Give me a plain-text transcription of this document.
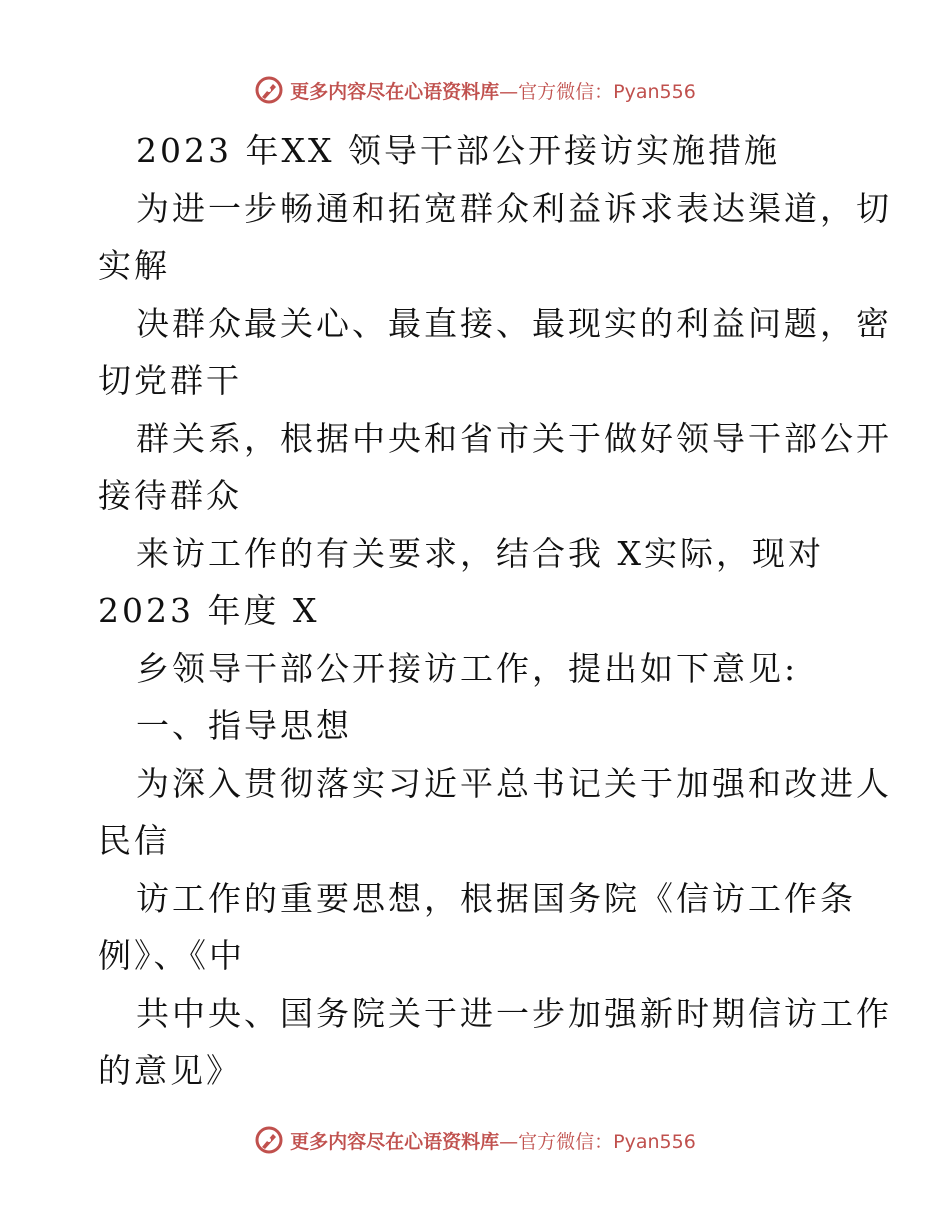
更多内容尽在心语资料库 —官方微信：Pyan556
2023 年XX 领导干部公开接访实施措施
为进一步畅通和拓宽群众利益诉求表达渠道，切
实解
决群众最关心、最直接、最现实的利益问题，密
切党群干
群关系，根据中央和省市关于做好领导干部公开
接待群众
来访工作的有关要求，结合我 X实际，现对
2023 年度 X
乡领导干部公开接访工作，提出如下意见:
一、指导思想
为深入贯彻落实习近平总书记关于加强和改进人
民信
访工作的重要思想，根据国务院《信访工作条
例》、《中
共中央、国务院关于进一步加强新时期信访工作
的意见》
更多内容尽在心语资料库 —官方微信：Pyan556
